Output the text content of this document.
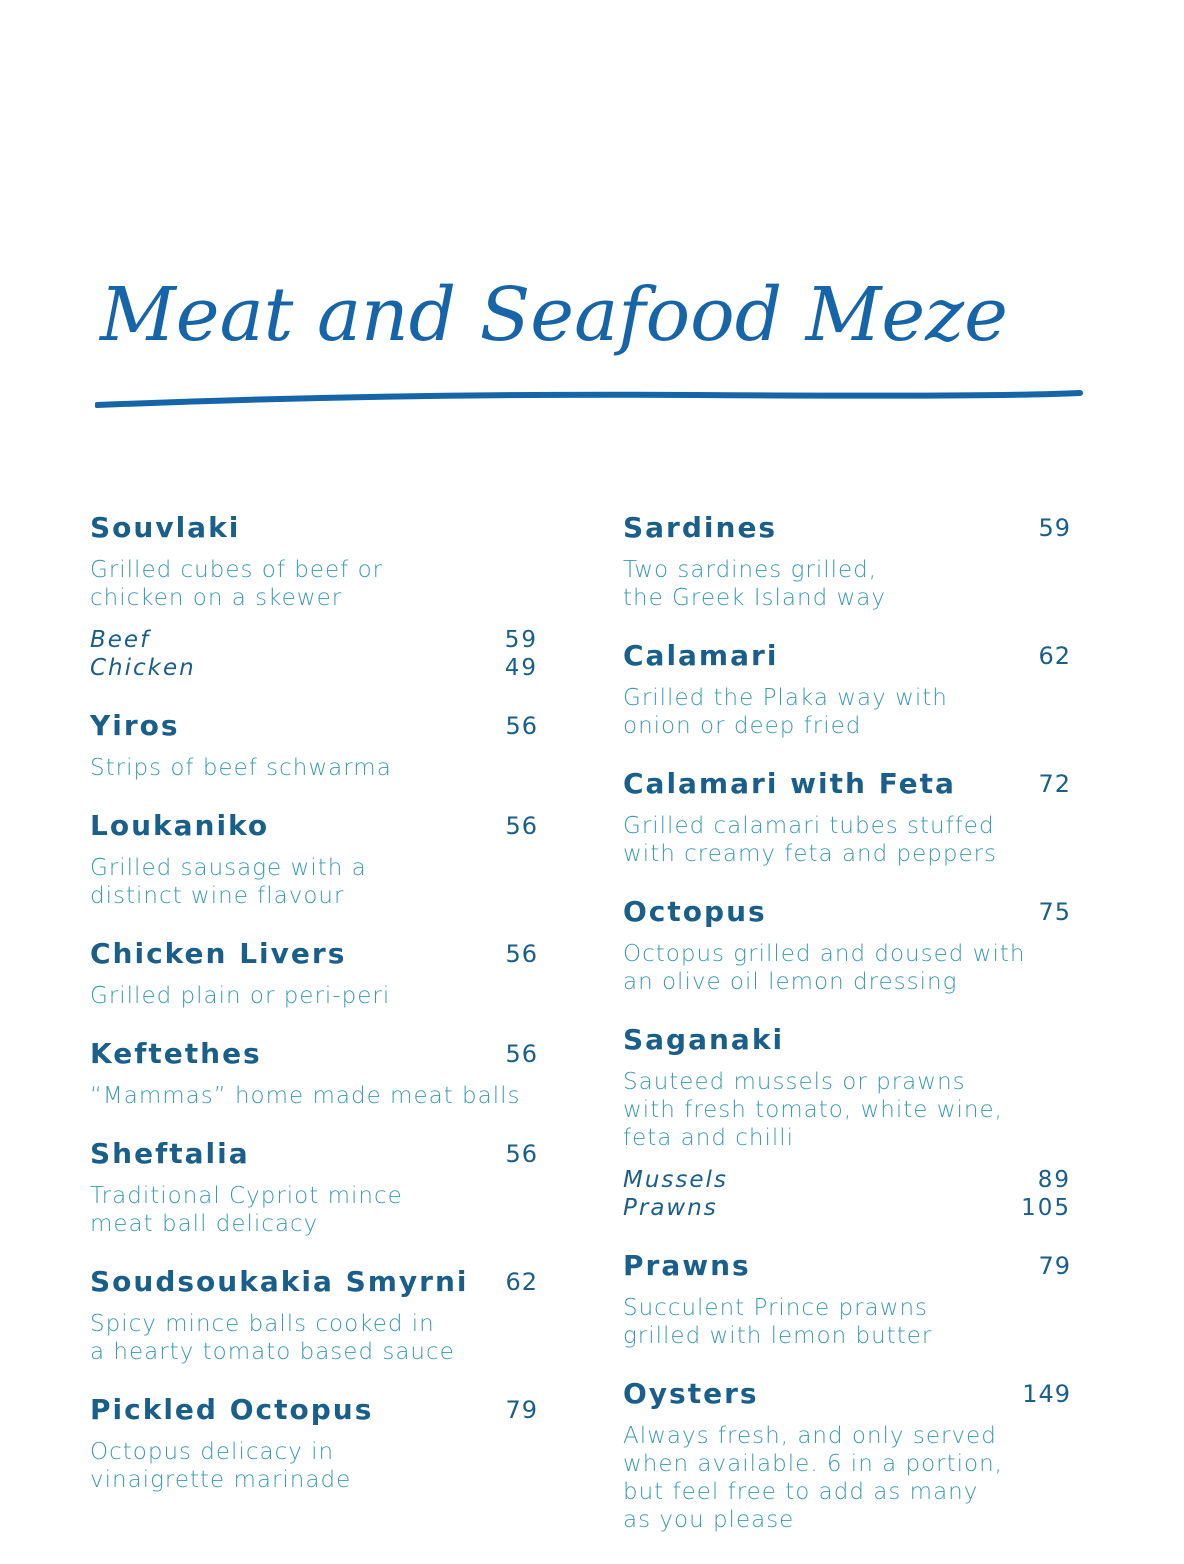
Meat and Seafood Meze
Souvlaki
Grilled cubes of beef or
chicken on a skewer
Beef	59
Chicken	49
Yiros	56
Strips of beef schwarma
Loukaniko	56
Grilled sausage with a
distinct wine flavour
Chicken Livers	56
Grilled plain or peri-peri
Keftethes	56
“Mammas” home made meat balls
Sheftalia	56
Traditional Cypriot mince
meat ball delicacy
Soudsoukakia Smyrni 62
Spicy mince balls cooked in
a hearty tomato based sauce
Pickled Octopus	79
Octopus delicacy in
vinaigrette marinade
Sardines	59
Two sardines grilled,
the Greek Island way
Calamari	62
Grilled the Plaka way with
onion or deep fried
Calamari with Feta	72
Grilled calamari tubes stuffed
with creamy feta and peppers
Octopus	75
Octopus grilled and doused with
an olive oil lemon dressing
Saganaki
Sauteed mussels or prawns
with fresh tomato, white wine,
feta and chilli
Mussels	89
Prawns	105
Prawns	79
Succulent Prince prawns
grilled with lemon butter
Oysters	149
Always fresh, and only served
when available. 6 in a portion,
but feel free to add as many
as you please
